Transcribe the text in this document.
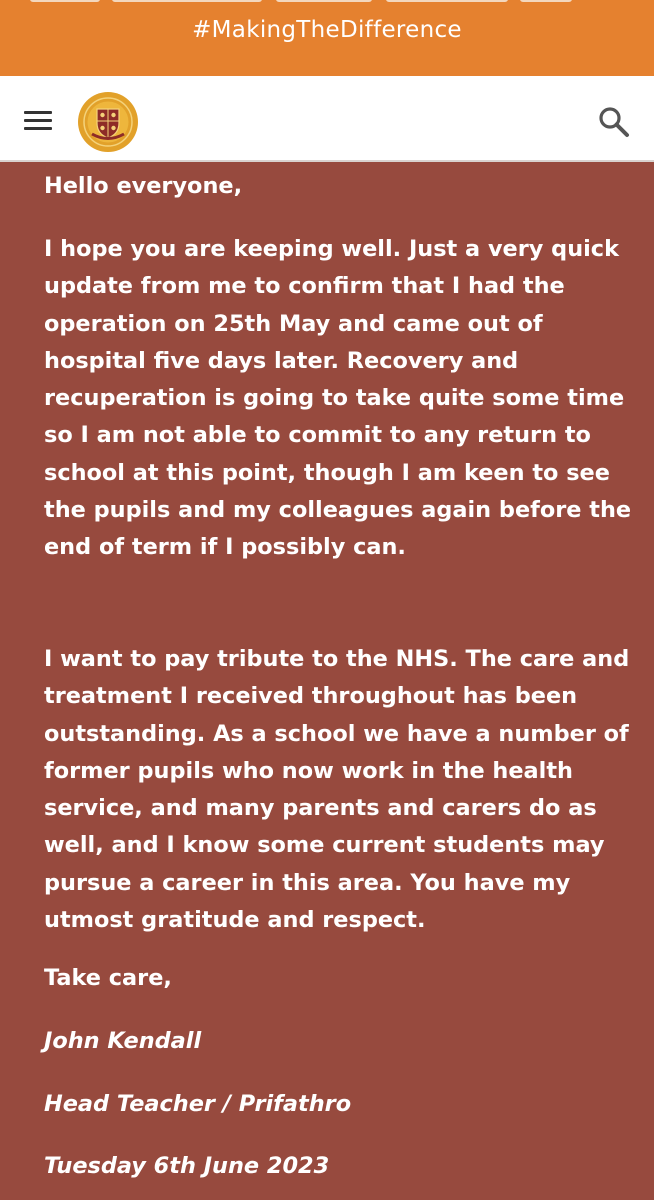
#MakingTheDifference

Hello everyone,

I hope you are keeping well. Just a very quick update from me to confirm that I had the operation on 25th May and came out of hospital five days later. Recovery and recuperation is going to take quite some time so I am not able to commit to any return to school at this point, though I am keen to see the pupils and my colleagues again before the end of term if I possibly can.

I want to pay tribute to the NHS. The care and treatment I received throughout has been outstanding. As a school we have a number of former pupils who now work in the health service, and many parents and carers do as well, and I know some current students may pursue a career in this area. You have my utmost gratitude and respect.

Take care,

John Kendall

Head Teacher / Prifathro

Tuesday 6th June 2023
